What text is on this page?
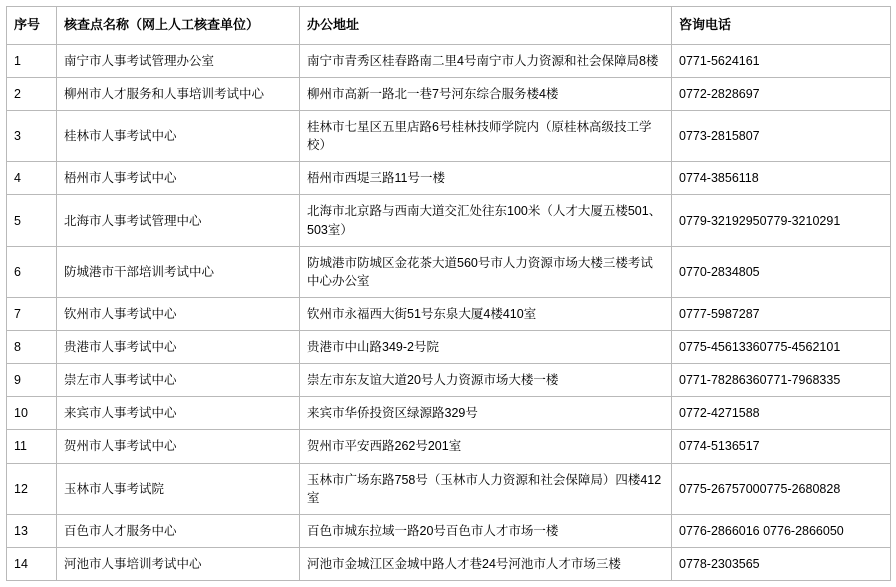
序号	核查点名称（网上人工核查单位）	办公地址	咨询电话
1	南宁市人事考试管理办公室	南宁市青秀区桂春路南二里4号南宁市人力资源和社会保障局8楼	0771-5624161
2	柳州市人才服务和人事培训考试中心	柳州市高新一路北一巷7号河东综合服务楼4楼	0772-2828697
3	桂林市人事考试中心	桂林市七星区五里店路6号桂林技师学院内（原桂林高级技工学校）	0773-2815807
4	梧州市人事考试中心	梧州市西堤三路11号一楼	0774-3856118
5	北海市人事考试管理中心	北海市北京路与西南大道交汇处往东100米（人才大厦五楼501、503室）	0779-32192950779-3210291
6	防城港市干部培训考试中心	防城港市防城区金花茶大道560号市人力资源市场大楼三楼考试中心办公室	0770-2834805
7	钦州市人事考试中心	钦州市永福西大街51号东泉大厦4楼410室	0777-5987287
8	贵港市人事考试中心	贵港市中山路349-2号院	0775-45613360775-4562101
9	崇左市人事考试中心	崇左市东友谊大道20号人力资源市场大楼一楼	0771-78286360771-7968335
10	来宾市人事考试中心	来宾市华侨投资区绿源路329号	0772-4271588
11	贺州市人事考试中心	贺州市平安西路262号201室	0774-5136517
12	玉林市人事考试院	玉林市广场东路758号（玉林市人力资源和社会保障局）四楼412室	0775-26757000775-2680828
13	百色市人才服务中心	百色市城东拉域一路20号百色市人才市场一楼	0776-2866016 0776-2866050
14	河池市人事培训考试中心	河池市金城江区金城中路人才巷24号河池市人才市场三楼	0778-2303565
